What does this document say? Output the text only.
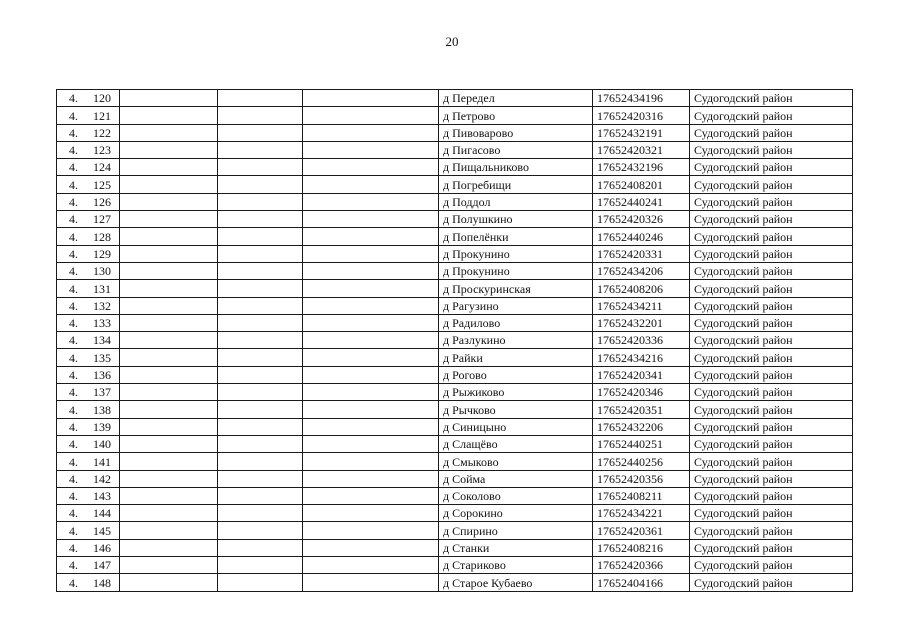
20
4. 120				д Передел	17652434196	Судогодский район
4. 121				д Петрово	17652420316	Судогодский район
4. 122				д Пивоварово	17652432191	Судогодский район
4. 123				д Пигасово	17652420321	Судогодский район
4. 124				д Пищальниково	17652432196	Судогодский район
4. 125				д Погребищи	17652408201	Судогодский район
4. 126				д Поддол	17652440241	Судогодский район
4. 127				д Полушкино	17652420326	Судогодский район
4. 128				д Попелёнки	17652440246	Судогодский район
4. 129				д Прокунино	17652420331	Судогодский район
4. 130				д Прокунино	17652434206	Судогодский район
4. 131				д Проскуринская	17652408206	Судогодский район
4. 132				д Рагузино	17652434211	Судогодский район
4. 133				д Радилово	17652432201	Судогодский район
4. 134				д Разлукино	17652420336	Судогодский район
4. 135				д Райки	17652434216	Судогодский район
4. 136				д Рогово	17652420341	Судогодский район
4. 137				д Рыжиково	17652420346	Судогодский район
4. 138				д Рычково	17652420351	Судогодский район
4. 139				д Синицыно	17652432206	Судогодский район
4. 140				д Слащёво	17652440251	Судогодский район
4. 141				д Смыково	17652440256	Судогодский район
4. 142				д Сойма	17652420356	Судогодский район
4. 143				д Соколово	17652408211	Судогодский район
4. 144				д Сорокино	17652434221	Судогодский район
4. 145				д Спирино	17652420361	Судогодский район
4. 146				д Станки	17652408216	Судогодский район
4. 147				д Стариково	17652420366	Судогодский район
4. 148				д Старое Кубаево	17652404166	Судогодский район
